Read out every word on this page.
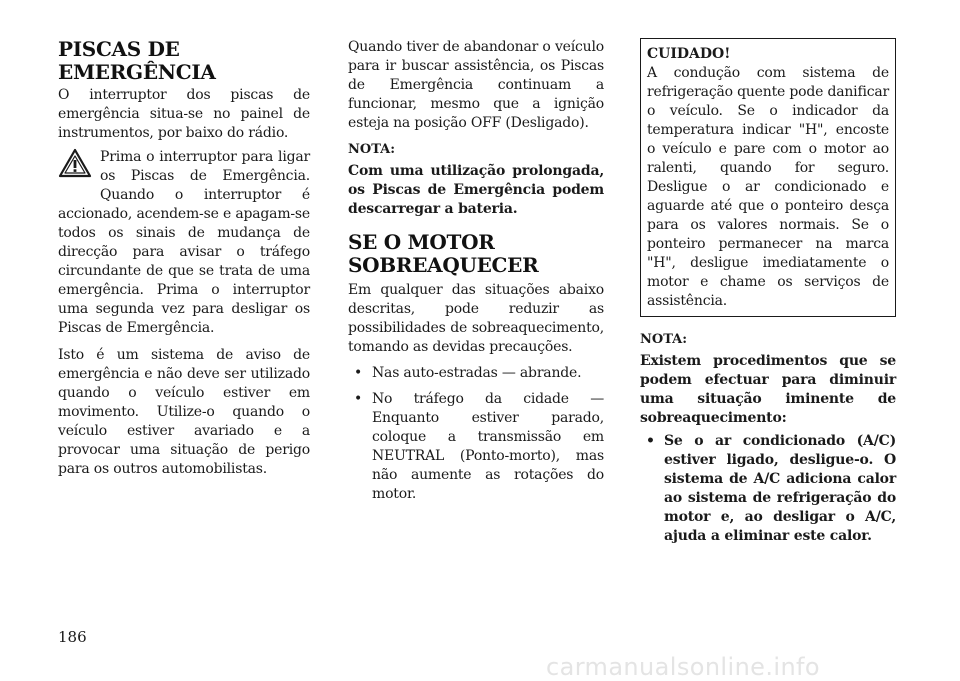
PISCAS DE EMERGÊNCIA

O interruptor dos piscas de emergência situa-se no painel de instrumentos, por baixo do rádio.

Prima o interruptor para ligar os Piscas de Emergência. Quando o interruptor é accionado, acendem-se e apagam-se todos os sinais de mudança de direcção para avisar o tráfego circundante de que se trata de uma emergência. Prima o interruptor uma segunda vez para desligar os Piscas de Emergência.

Isto é um sistema de aviso de emergência e não deve ser utilizado quando o veículo estiver em movimento. Utilize-o quando o veículo estiver avariado e a provocar uma situação de perigo para os outros automobilistas.

Quando tiver de abandonar o veículo para ir buscar assistência, os Piscas de Emergência continuam a funcionar, mesmo que a ignição esteja na posição OFF (Desligado).

NOTA:

Com uma utilização prolongada, os Piscas de Emergência podem descarregar a bateria.

SE O MOTOR SOBREAQUECER

Em qualquer das situações abaixo descritas, pode reduzir as possibilidades de sobreaquecimento, tomando as devidas precauções.

• Nas auto-estradas — abrande.
• No tráfego da cidade — Enquanto estiver parado, coloque a transmissão em NEUTRAL (Ponto-morto), mas não aumente as rotações do motor.

CUIDADO!

A condução com sistema de refrigeração quente pode danificar o veículo. Se o indicador da temperatura indicar "H", encoste o veículo e pare com o motor ao ralenti, quando for seguro. Desligue o ar condicionado e aguarde até que o ponteiro desça para os valores normais. Se o ponteiro permanecer na marca "H", desligue imediatamente o motor e chame os serviços de assistência.

NOTA:

Existem procedimentos que se podem efectuar para diminuir uma situação iminente de sobreaquecimento:

• Se o ar condicionado (A/C) estiver ligado, desligue-o. O sistema de A/C adiciona calor ao sistema de refrigeração do motor e, ao desligar o A/C, ajuda a eliminar este calor.
186
carmanualsonline.info
